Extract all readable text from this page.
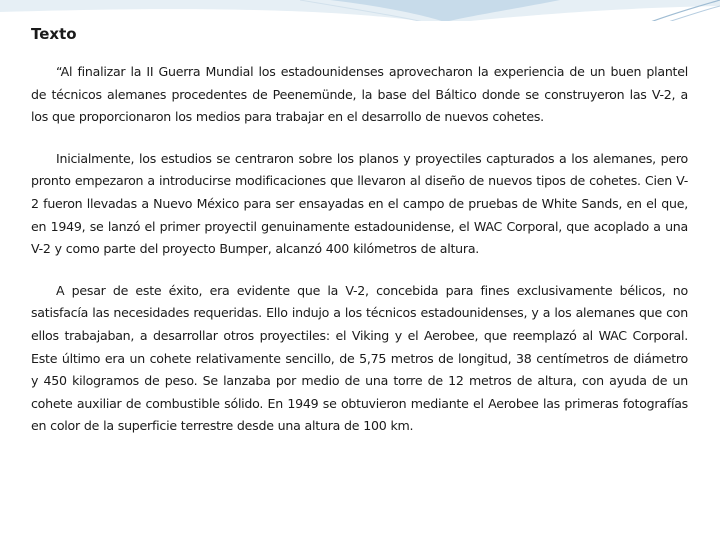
Texto

“Al finalizar la II Guerra Mundial los estadounidenses aprovecharon la experiencia de un buen plantel de técnicos alemanes procedentes de Peenemünde, la base del Báltico donde se construyeron las V-2, a los que proporcionaron los medios para trabajar en el desarrollo de nuevos cohetes.

Inicialmente, los estudios se centraron sobre los planos y proyectiles capturados a los alemanes, pero pronto empezaron a introducirse modificaciones que llevaron al diseño de nuevos tipos de cohetes. Cien V-2 fueron llevadas a Nuevo México para ser ensayadas en el campo de pruebas de White Sands, en el que, en 1949, se lanzó el primer proyectil genuinamente estadounidense, el WAC Corporal, que acoplado a una V-2 y como parte del proyecto Bumper, alcanzó 400 kilómetros de altura.

A pesar de este éxito, era evidente que la V-2, concebida para fines exclusivamente bélicos, no satisfacía las necesidades requeridas. Ello indujo a los técnicos estadounidenses, y a los alemanes que con ellos trabajaban, a desarrollar otros proyectiles: el Viking y el Aerobee, que reemplazó al WAC Corporal. Este último era un cohete relativamente sencillo, de 5,75 metros de longitud, 38 centímetros de diámetro y 450 kilogramos de peso. Se lanzaba por medio de una torre de 12 metros de altura, con ayuda de un cohete auxiliar de combustible sólido. En 1949 se obtuvieron mediante el Aerobee las primeras fotografías en color de la superficie terrestre desde una altura de 100 km.
